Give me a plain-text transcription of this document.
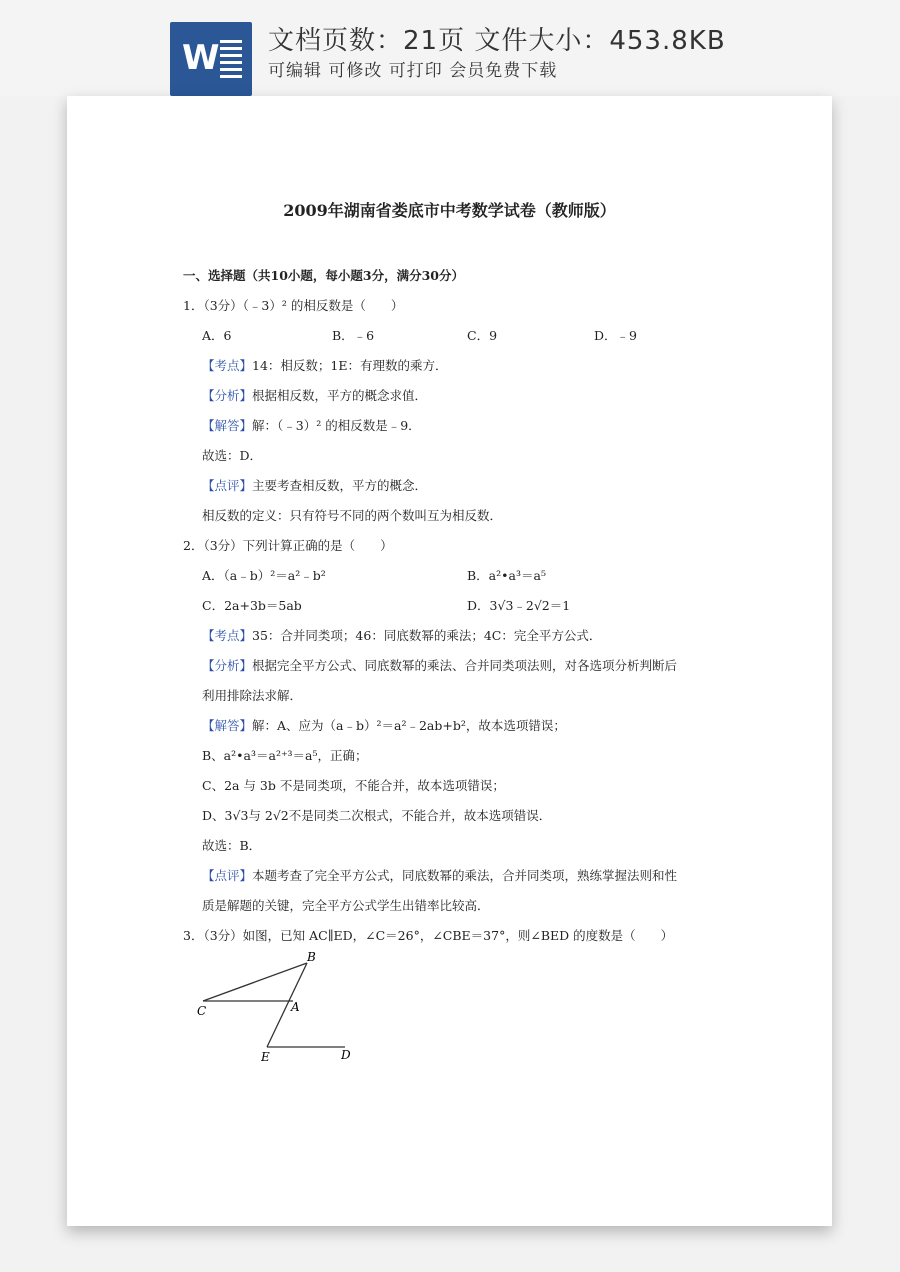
W 文档页数：21页 文件大小：453.8KB
可编辑 可修改 可打印 会员免费下载
2009年湖南省娄底市中考数学试卷（教师版）
一、选择题（共10小题，每小题3分，满分30分）
1．（3分）（﹣3）² 的相反数是（　　）
A．6	B．﹣6	C．9	D．﹣9
【考点】14：相反数；1E：有理数的乘方．
【分析】根据相反数，平方的概念求值．
【解答】解：（﹣3）² 的相反数是﹣9．
故选：D．
【点评】主要考查相反数，平方的概念．
相反数的定义：只有符号不同的两个数叫互为相反数．
2．（3分）下列计算正确的是（　　）
A．（a﹣b）²＝a²﹣b²	B．a²•a³＝a⁵
C．2a+3b＝5ab	D．3√3﹣2√2＝1
【考点】35：合并同类项；46：同底数幂的乘法；4C：完全平方公式．
【分析】根据完全平方公式、同底数幂的乘法、合并同类项法则，对各选项分析判断后
利用排除法求解．
【解答】解：A、应为（a﹣b）²＝a²﹣2ab+b²，故本选项错误；
B、a²•a³＝a²⁺³＝a⁵，正确；
C、2a 与 3b 不是同类项，不能合并，故本选项错误；
D、3√3与 2√2不是同类二次根式，不能合并，故本选项错误．
故选：B．
【点评】本题考查了完全平方公式，同底数幂的乘法，合并同类项，熟练掌握法则和性
质是解题的关键，完全平方公式学生出错率比较高．
3．（3分）如图，已知 AC∥ED，∠C＝26°，∠CBE＝37°，则∠BED 的度数是（　　）
B
A
C
E	D
